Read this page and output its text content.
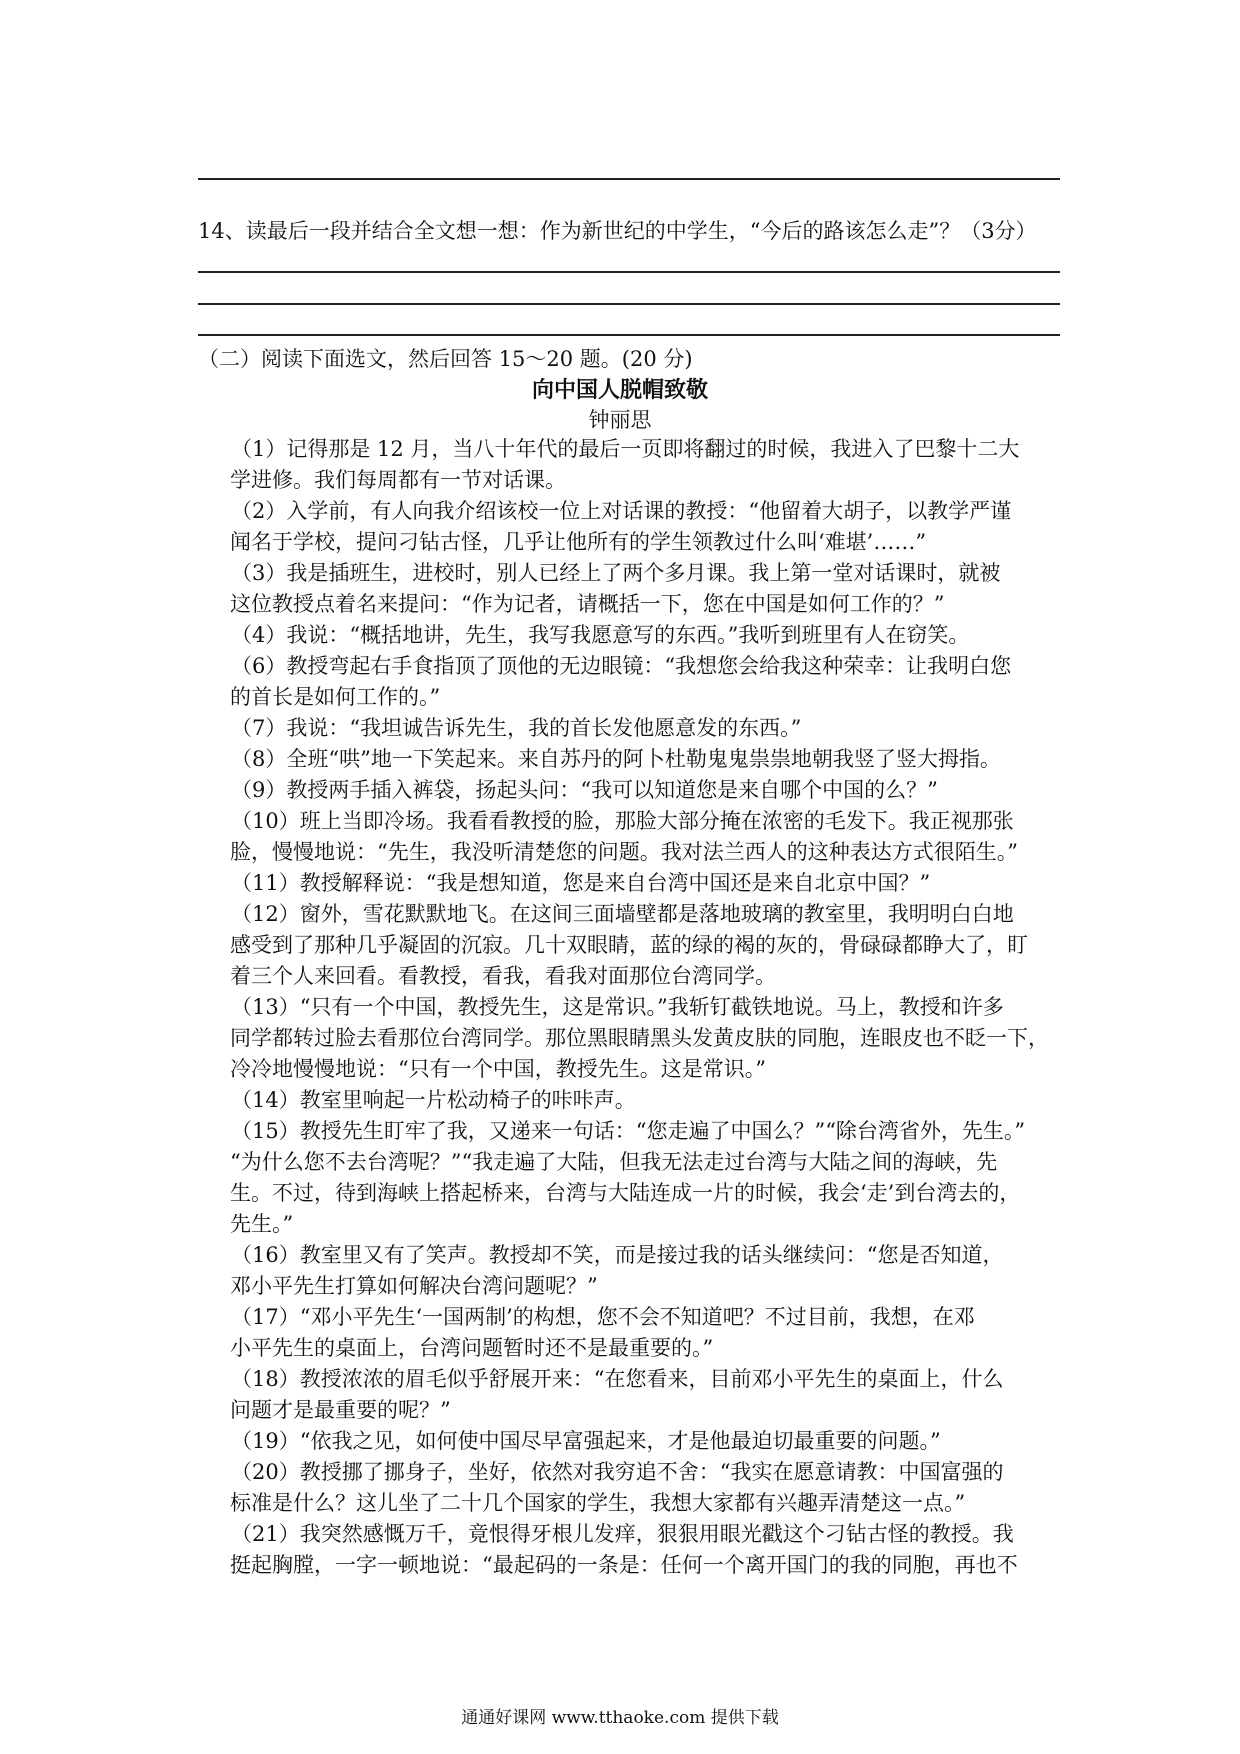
14、读最后一段并结合全文想一想：作为新世纪的中学生，“今后的路该怎么走”？（3分）
（二）阅读下面选文，然后回答 15～20 题。(20 分)
向中国人脱帽致敬
钟丽思
（1）记得那是 12 月，当八十年代的最后一页即将翻过的时候，我进入了巴黎十二大
学进修。我们每周都有一节对话课。
（2）入学前，有人向我介绍该校一位上对话课的教授：“他留着大胡子，以教学严谨
闻名于学校，提问刁钻古怪，几乎让他所有的学生领教过什么叫‘难堪’……”
（3）我是插班生，进校时，别人已经上了两个多月课。我上第一堂对话课时，就被
这位教授点着名来提问：“作为记者，请概括一下，您在中国是如何工作的？”
（4）我说：“概括地讲，先生，我写我愿意写的东西。”我听到班里有人在窃笑。
（6）教授弯起右手食指顶了顶他的无边眼镜：“我想您会给我这种荣幸：让我明白您
的首长是如何工作的。”
（7）我说：“我坦诚告诉先生，我的首长发他愿意发的东西。”
（8）全班“哄”地一下笑起来。来自苏丹的阿卜杜勒鬼鬼祟祟地朝我竖了竖大拇指。
（9）教授两手插入裤袋，扬起头问：“我可以知道您是来自哪个中国的么？”
（10）班上当即冷场。我看看教授的脸，那脸大部分掩在浓密的毛发下。我正视那张
脸，慢慢地说：“先生，我没听清楚您的问题。我对法兰西人的这种表达方式很陌生。”
（11）教授解释说：“我是想知道，您是来自台湾中国还是来自北京中国？”
（12）窗外，雪花默默地飞。在这间三面墙壁都是落地玻璃的教室里，我明明白白地
感受到了那种几乎凝固的沉寂。几十双眼睛，蓝的绿的褐的灰的，骨碌碌都睁大了，盯
着三个人来回看。看教授，看我，看我对面那位台湾同学。
（13）“只有一个中国，教授先生，这是常识。”我斩钉截铁地说。马上，教授和许多
同学都转过脸去看那位台湾同学。那位黑眼睛黑头发黄皮肤的同胞，连眼皮也不眨一下，
冷冷地慢慢地说：“只有一个中国，教授先生。这是常识。”
（14）教室里响起一片松动椅子的咔咔声。
（15）教授先生盯牢了我，又递来一句话：“您走遍了中国么？”“除台湾省外，先生。”
“为什么您不去台湾呢？”“我走遍了大陆，但我无法走过台湾与大陆之间的海峡，先
生。不过，待到海峡上搭起桥来，台湾与大陆连成一片的时候，我会‘走’到台湾去的，
先生。”
（16）教室里又有了笑声。教授却不笑，而是接过我的话头继续问：“您是否知道，
邓小平先生打算如何解决台湾问题呢？”
（17）“邓小平先生‘一国两制’的构想，您不会不知道吧？不过目前，我想，在邓
小平先生的桌面上，台湾问题暂时还不是最重要的。”
（18）教授浓浓的眉毛似乎舒展开来：“在您看来，目前邓小平先生的桌面上，什么
问题才是最重要的呢？”
（19）“依我之见，如何使中国尽早富强起来，才是他最迫切最重要的问题。”
（20）教授挪了挪身子，坐好，依然对我穷追不舍：“我实在愿意请教：中国富强的
标准是什么？这儿坐了二十几个国家的学生，我想大家都有兴趣弄清楚这一点。”
（21）我突然感慨万千，竟恨得牙根儿发痒，狠狠用眼光戳这个刁钻古怪的教授。我
挺起胸膛，一字一顿地说：“最起码的一条是：任何一个离开国门的我的同胞，再也不
通通好课网 www.tthaoke.com 提供下载
